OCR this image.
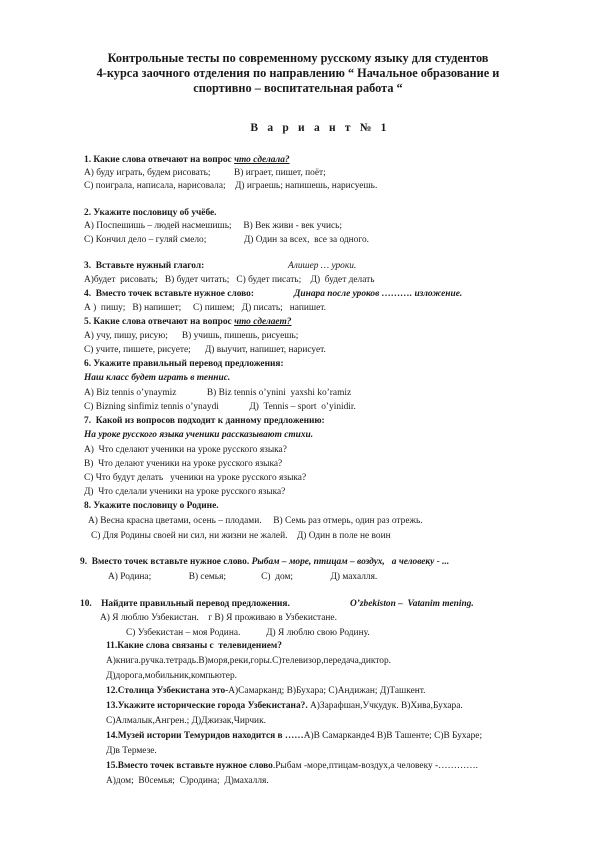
Контрольные тесты по современному русскому языку для студентов
4-курса заочного отделения по направлению “ Начальное образование и
спортивно – воспитательная работа “
В а р и а н т № 1
1. Какие слова отвечают на вопрос что сделала?
А) буду играть, будем рисовать;          В) играет, пишет, поёт;
С) поиграла, написала, нарисовала;    Д) играешь; напишешь, нарисуешь.
2. Укажите пословицу об учёбе.
А) Поспешишь – людей насмешишь;     В) Век живи - век учись;
С) Кончил дело – гуляй смело;                Д) Один за всех,  все за одного.
3.  Вставьте нужный глагол:	Алишер … уроки.
А)будет  рисовать;   В) будет читать;   С) будет писать;    Д)  будет делать
4.  Вместо точек вставьте нужное слово:	Динара после уроков ………. изложение.
А )  пишу;   В) напишет;     С) пишем;   Д) писать;   напишет.
5. Какие слова отвечают на вопрос что сделает?
А) учу, пишу, рисую;      В) учишь, пишешь, рисуешь;
С) учите, пишете, рисуете;      Д) выучит, напишет, нарисует.
6. Укажите правильный перевод предложения:
Наш класс будет играть в теннис.
А) Biz tennis o’ynaymiz             B) Biz tennis o’ynini  yaxshi ko’ramiz
C) Bizning sinfimiz tennis o’ynaydi             Д)  Tennis – sport  o’yinidir.
7.  Какой из вопросов подходит к данному предложению:
На уроке русского языка ученики рассказывают стихи.
А)  Что сделают ученики на уроке русского языка?
В)  Что делают ученики на уроке русского языка?
С) Что будут делать   ученики на уроке русского языка?
Д)  Что сделали ученики на уроке русского языка?
8. Укажите пословицу о Родине.
А) Весна красна цветами, осень – плодами.     В) Семь раз отмерь, один раз отрежь.
С) Для Родины своей ни сил, ни жизни не жалей.    Д) Один в поле не воин
9.  Вместо точек вставьте нужное слово. Рыбам – море, птицам – воздух,   а человеку - ...
А) Родина;                В) семья;               С)  дом;                Д) махалля.
10.    Найдите правильный перевод предложения.	O’zbekiston –  Vatanim mening.
А) Я люблю Узбекистан.    г В) Я проживаю в Узбекистане.
С) Узбекистан – моя Родина.           Д) Я люблю свою Родину.
11.Какие слова связаны с  телевидением?
А)книга.ручка.тетрадь.В)моря,реки,горы.С)телевизор,передача,диктор.
Д)дорога,мобильник,компьютер.
12.Столица Узбекистана это-А)Самарканд; В)Бухара; С)Андижан; Д)Ташкент.
13.Укажите исторические города Узбекистана?. А)Зарафшан,Учкудук. В)Хива,Бухара.
С)Алмалык,Ангрен.; Д)Джизак,Чирчик.
14.Музей истории Темуридов находится в ……А)В Самарканде4 В)В Ташенте; С)В Бухаре;
Д)в Термезе.
15.Вместо точек вставьте нужное слово.Рыбам -море,птицам-воздух,а человеку -………….
А)дом;  В0семья;  С)родина;  Д)махалля.
